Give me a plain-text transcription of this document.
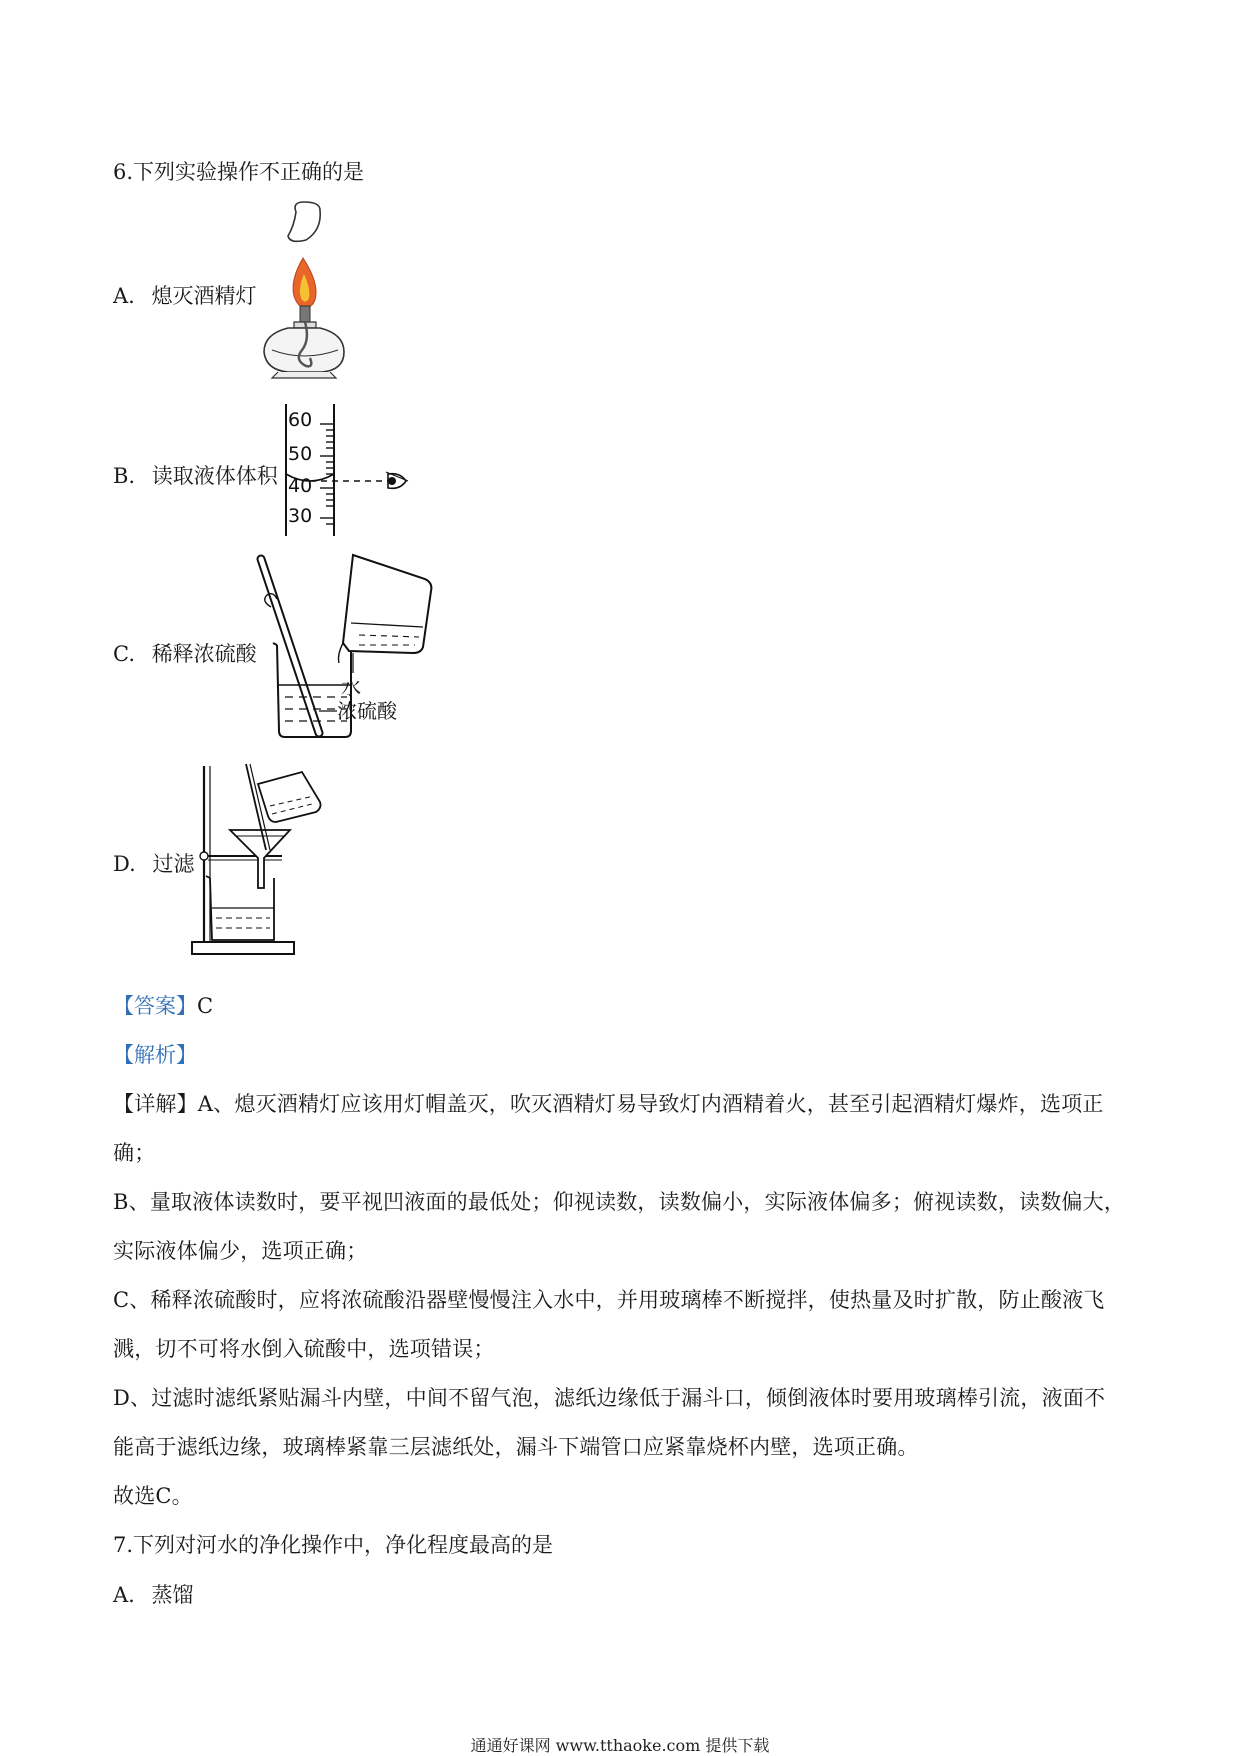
6.下列实验操作不正确的是
A. 熄灭酒精灯
B. 读取液体体积
60
50
40
30
C. 稀释浓硫酸
水
浓硫酸
D. 过滤
【答案】C
【解析】
【详解】A、熄灭酒精灯应该用灯帽盖灭，吹灭酒精灯易导致灯内酒精着火，甚至引起酒精灯爆炸，选项正
确；
B、量取液体读数时，要平视凹液面的最低处；仰视读数，读数偏小，实际液体偏多；俯视读数，读数偏大，
实际液体偏少，选项正确；
C、稀释浓硫酸时，应将浓硫酸沿器壁慢慢注入水中，并用玻璃棒不断搅拌，使热量及时扩散，防止酸液飞
溅，切不可将水倒入硫酸中，选项错误；
D、过滤时滤纸紧贴漏斗内壁，中间不留气泡，滤纸边缘低于漏斗口，倾倒液体时要用玻璃棒引流，液面不
能高于滤纸边缘，玻璃棒紧靠三层滤纸处，漏斗下端管口应紧靠烧杯内壁，选项正确。
故选C。
7.下列对河水的净化操作中，净化程度最高的是
A. 蒸馏
通通好课网 www.tthaoke.com 提供下载
